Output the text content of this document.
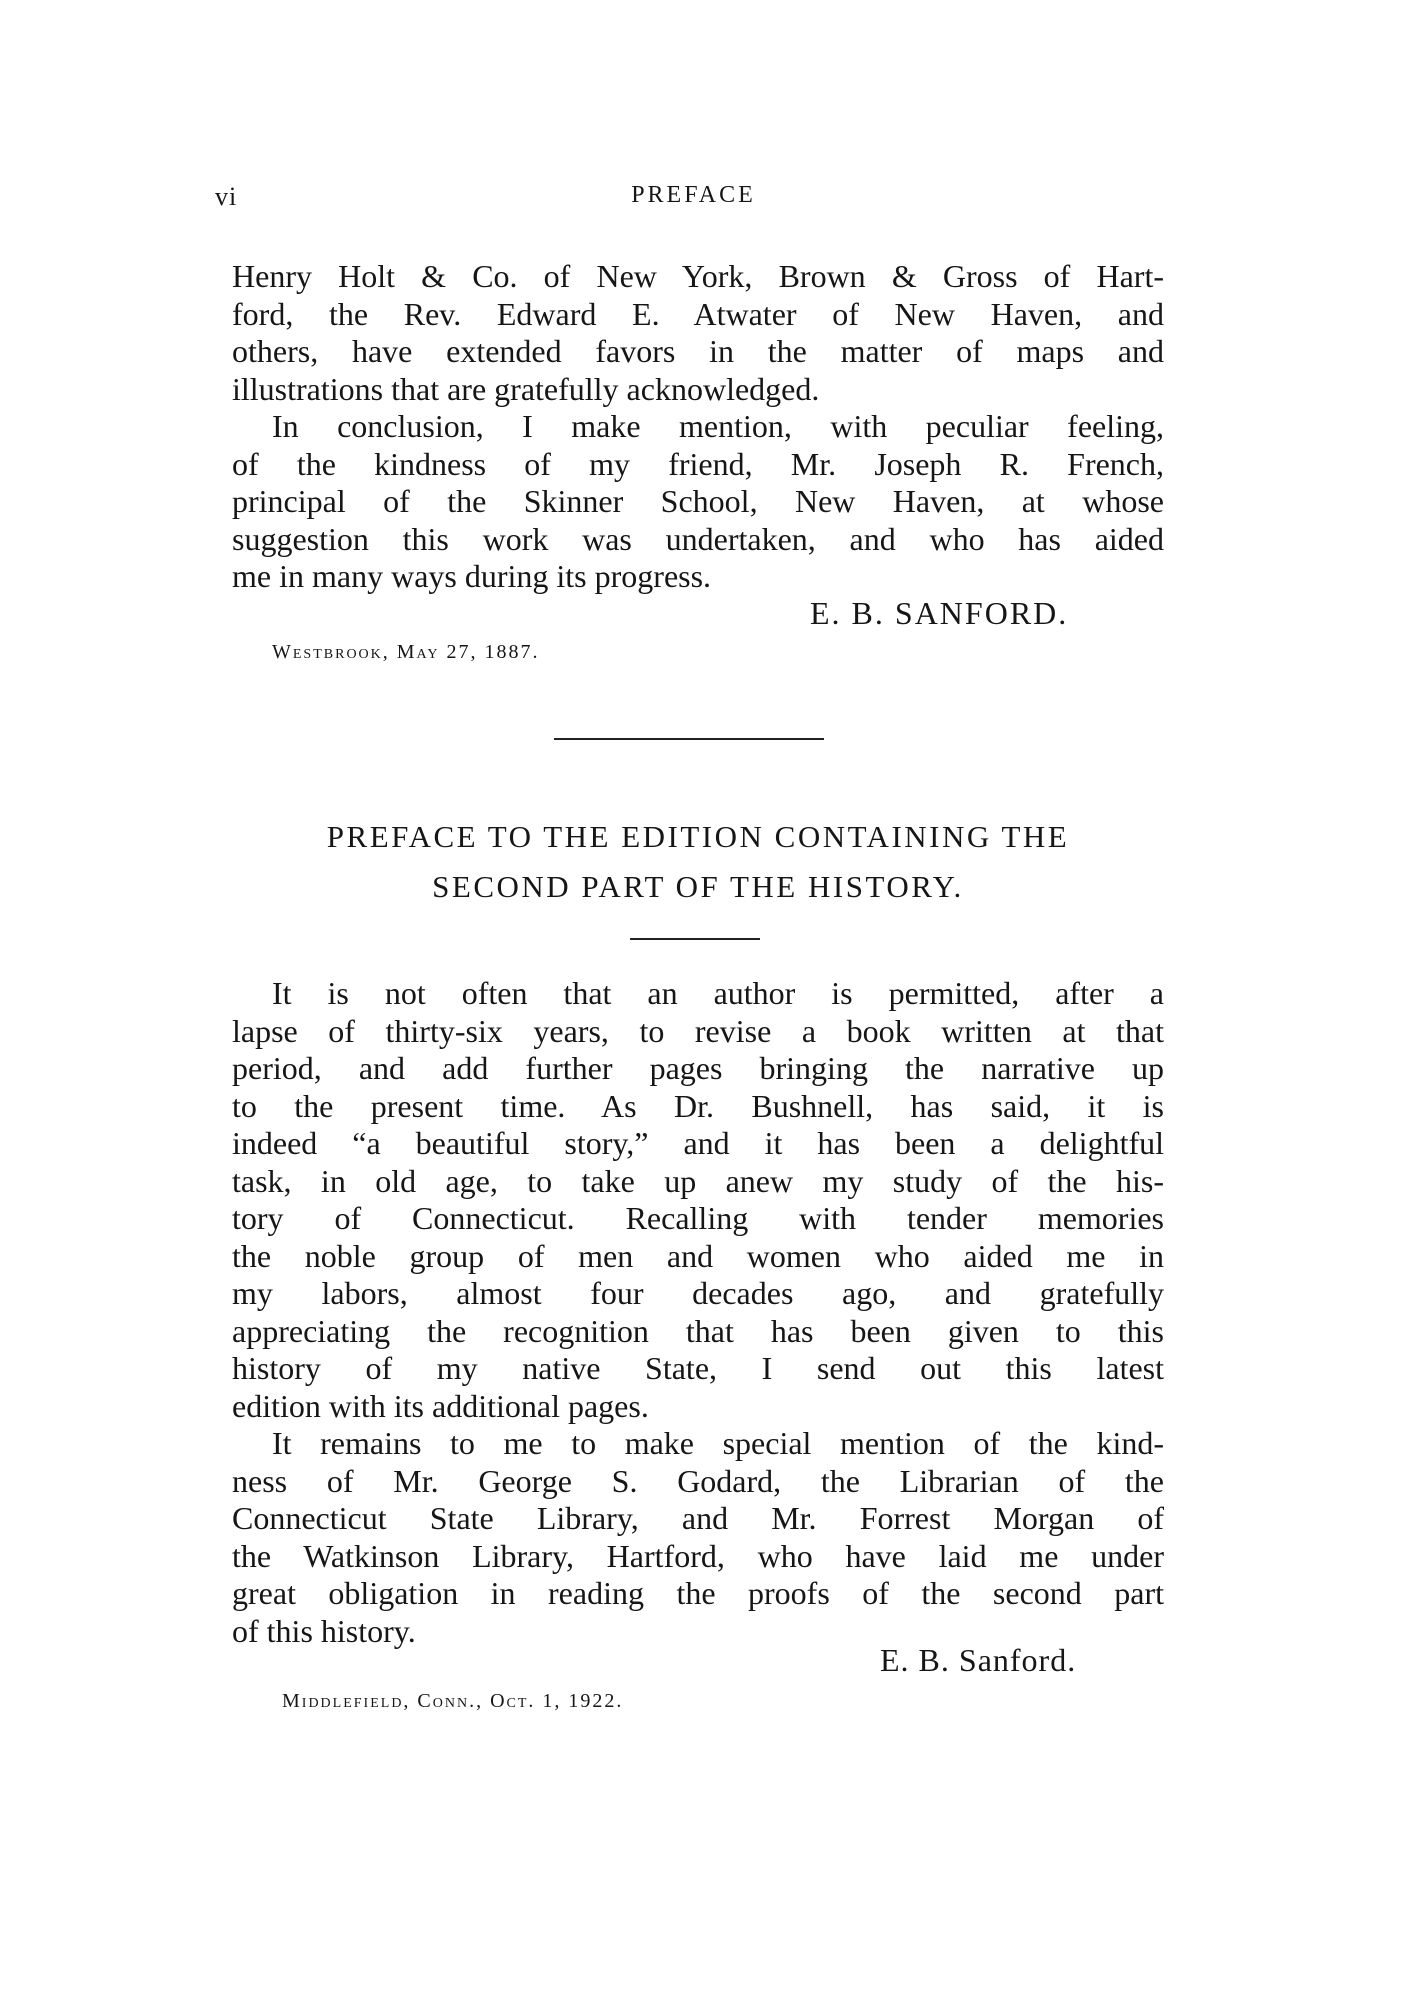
vi	PREFACE
Henry Holt & Co. of New York, Brown & Gross of Hart-
ford, the Rev. Edward E. Atwater of New Haven, and
others, have extended favors in the matter of maps and
illustrations that are gratefully acknowledged.
In conclusion, I make mention, with peculiar feeling,
of the kindness of my friend, Mr. Joseph R. French,
principal of the Skinner School, New Haven, at whose
suggestion this work was undertaken, and who has aided
me in many ways during its progress.
E. B. SANFORD.
Westbrook, May 27, 1887.
PREFACE TO THE EDITION CONTAINING THE
SECOND PART OF THE HISTORY.
It is not often that an author is permitted, after a
lapse of thirty-six years, to revise a book written at that
period, and add further pages bringing the narrative up
to the present time. As Dr. Bushnell, has said, it is
indeed “a beautiful story,” and it has been a delightful
task, in old age, to take up anew my study of the his-
tory of Connecticut. Recalling with tender memories
the noble group of men and women who aided me in
my labors, almost four decades ago, and gratefully
appreciating the recognition that has been given to this
history of my native State, I send out this latest
edition with its additional pages.
It remains to me to make special mention of the kind-
ness of Mr. George S. Godard, the Librarian of the
Connecticut State Library, and Mr. Forrest Morgan of
the Watkinson Library, Hartford, who have laid me under
great obligation in reading the proofs of the second part
of this history.
E. B. Sanford.
Middlefield, Conn., Oct. 1, 1922.
